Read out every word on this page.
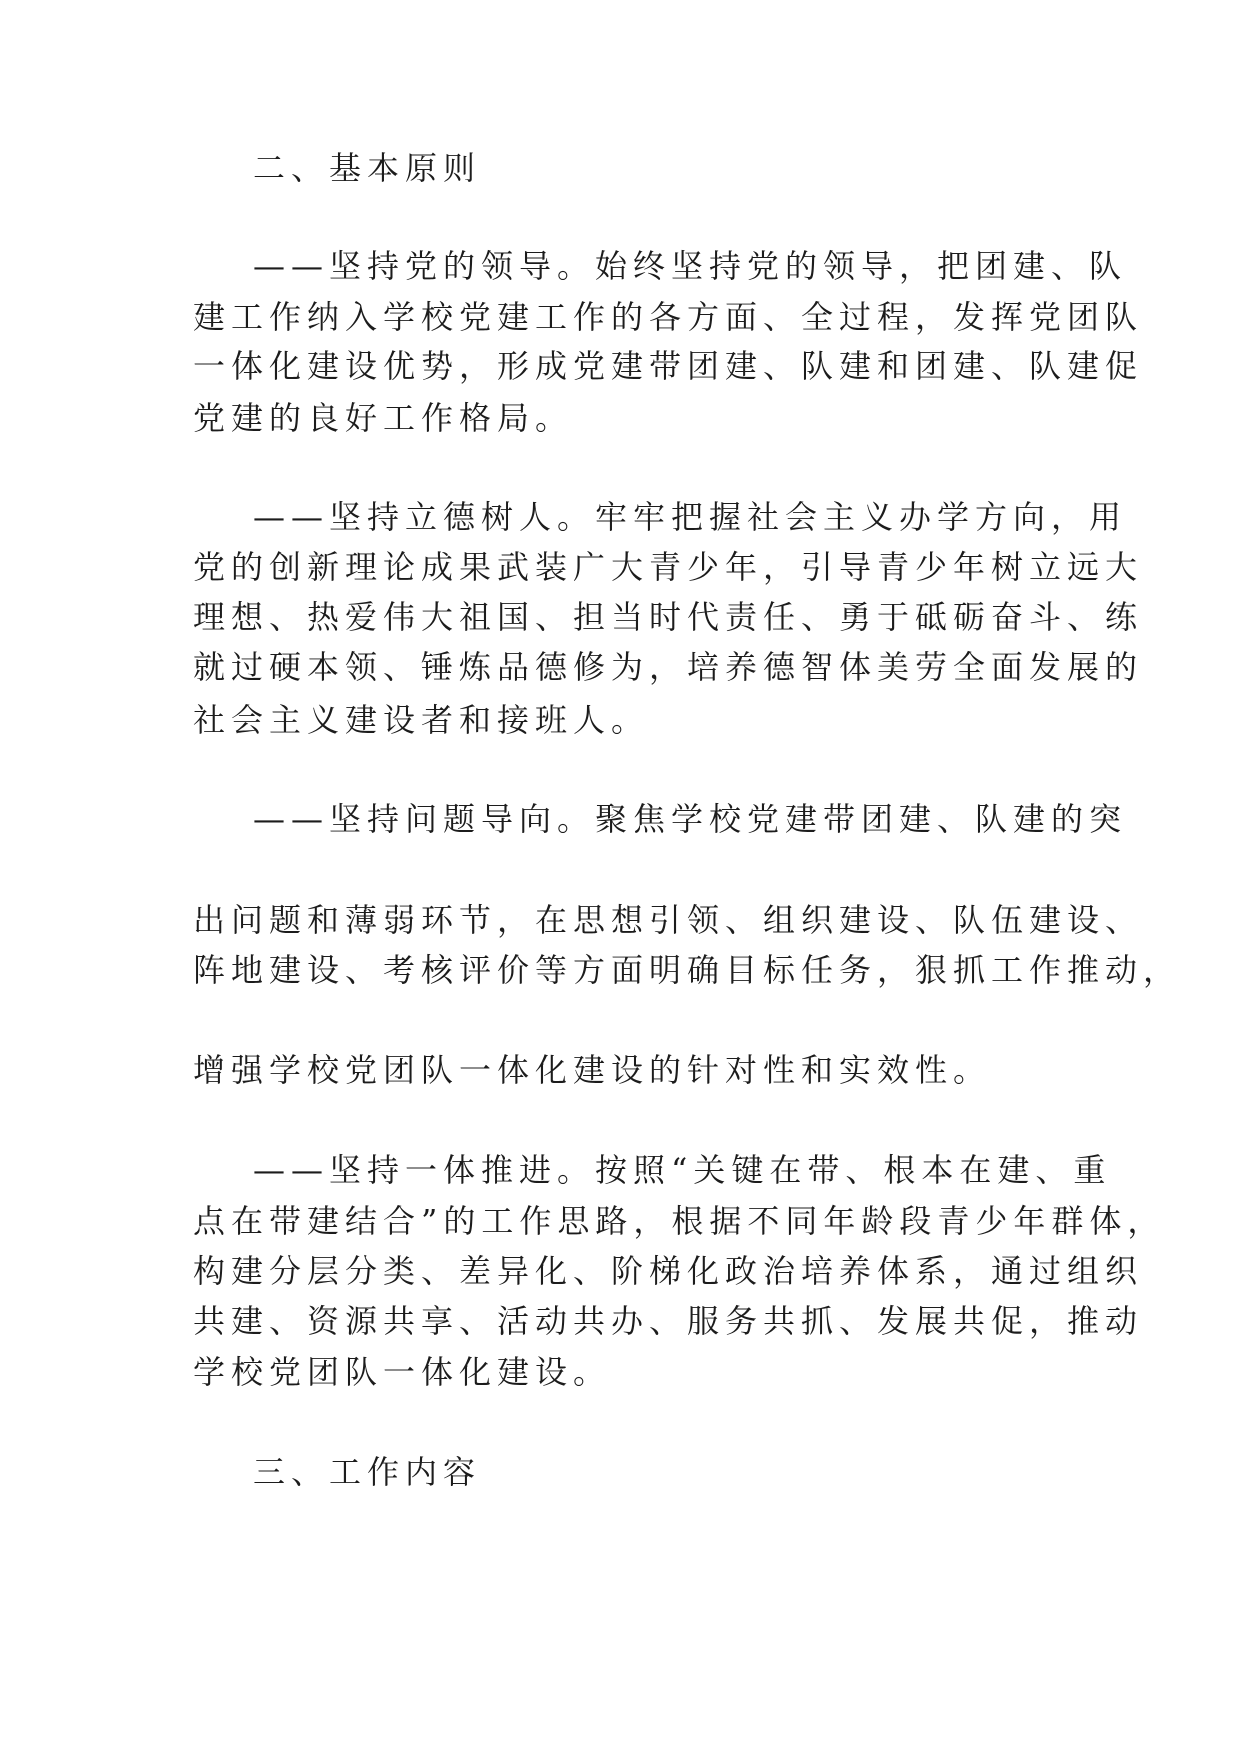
二、基本原则
——坚持党的领导。始终坚持党的领导，把团建、队
建工作纳入学校党建工作的各方面、全过程，发挥党团队
一体化建设优势，形成党建带团建、队建和团建、队建促
党建的良好工作格局。
——坚持立德树人。牢牢把握社会主义办学方向，用
党的创新理论成果武装广大青少年，引导青少年树立远大
理想、热爱伟大祖国、担当时代责任、勇于砥砺奋斗、练
就过硬本领、锤炼品德修为，培养德智体美劳全面发展的
社会主义建设者和接班人。
——坚持问题导向。聚焦学校党建带团建、队建的突
出问题和薄弱环节，在思想引领、组织建设、队伍建设、
阵地建设、考核评价等方面明确目标任务，狠抓工作推动，
增强学校党团队一体化建设的针对性和实效性。
——坚持一体推进。按照“关键在带、根本在建、重
点在带建结合”的工作思路，根据不同年龄段青少年群体，
构建分层分类、差异化、阶梯化政治培养体系，通过组织
共建、资源共享、活动共办、服务共抓、发展共促，推动
学校党团队一体化建设。
三、工作内容
